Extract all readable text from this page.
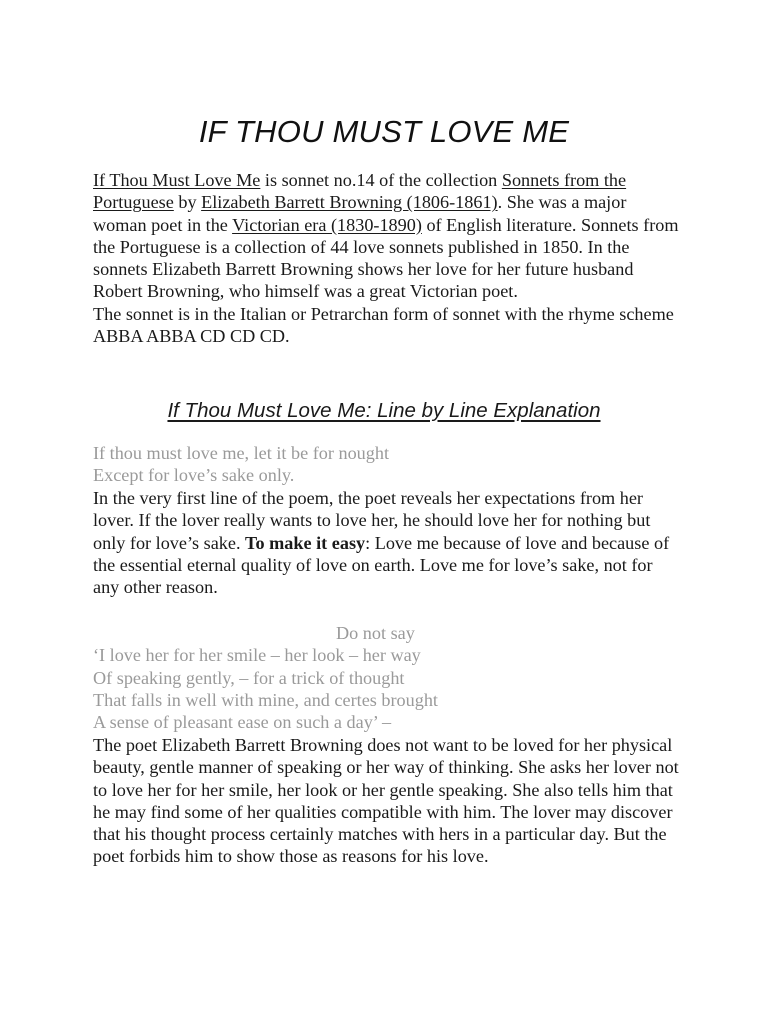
IF THOU MUST LOVE ME

If Thou Must Love Me is sonnet no.14 of the collection Sonnets from the Portuguese by Elizabeth Barrett Browning (1806-1861). She was a major woman poet in the Victorian era (1830-1890) of English literature. Sonnets from the Portuguese is a collection of 44 love sonnets published in 1850. In the sonnets Elizabeth Barrett Browning shows her love for her future husband Robert Browning, who himself was a great Victorian poet.

The sonnet is in the Italian or Petrarchan form of sonnet with the rhyme scheme ABBA ABBA CD CD CD.

If Thou Must Love Me: Line by Line Explanation
If thou must love me, let it be for nought
Except for love’s sake only.

In the very first line of the poem, the poet reveals her expectations from her lover. If the lover really wants to love her, he should love her for nothing but only for love’s sake. To make it easy: Love me because of love and because of the essential eternal quality of love on earth. Love me for love’s sake, not for any other reason.

Do not say
‘I love her for her smile – her look – her way
Of speaking gently, – for a trick of thought
That falls in well with mine, and certes brought
A sense of pleasant ease on such a day’ –

The poet Elizabeth Barrett Browning does not want to be loved for her physical beauty, gentle manner of speaking or her way of thinking. She asks her lover not to love her for her smile, her look or her gentle speaking. She also tells him that he may find some of her qualities compatible with him. The lover may discover that his thought process certainly matches with hers in a particular day. But the poet forbids him to show those as reasons for his love.
